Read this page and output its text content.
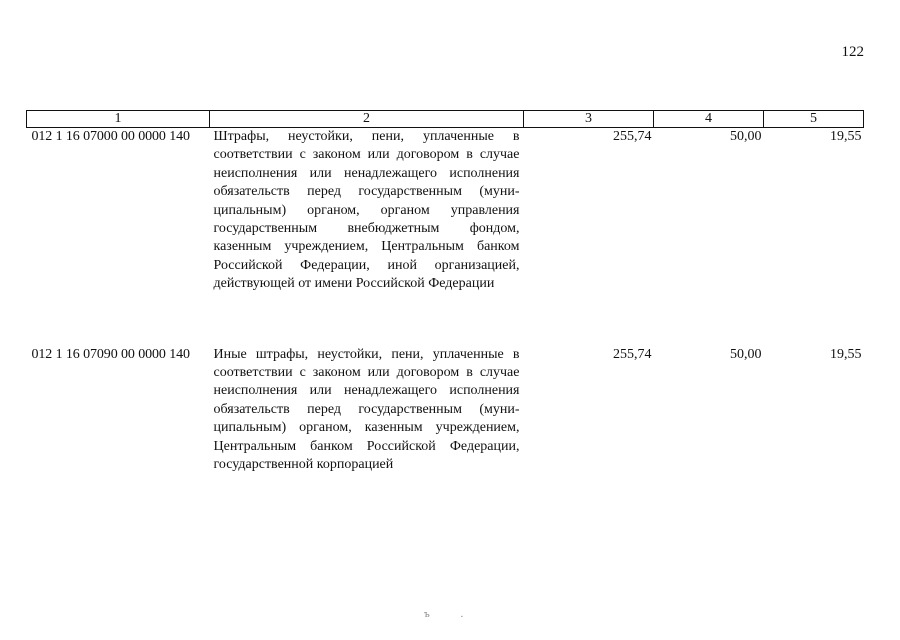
122
1	2	3	4	5
012 1 16 07000 00 0000 140	Штрафы, неустойки, пени, уплаченные в соответствии с законом или договором в случае неисполнения или ненадлежащего исполнения обязательств перед государственным (муни-ципальным) органом, органом управления государственным внебюджетным фондом, казенным учреждением, Центральным банком Российской Федерации, иной организацией, действующей от имени Российской Федерации	255,74	50,00	19,55

012 1 16 07090 00 0000 140	Иные штрафы, неустойки, пени, уплаченные в соответствии с законом или договором в случае неисполнения или ненадлежащего исполнения обязательств перед государственным (муни-ципальным) органом, казенным учреждением, Центральным банком Российской Федерации, государственной корпорацией	255,74	50,00	19,55
ъ .
